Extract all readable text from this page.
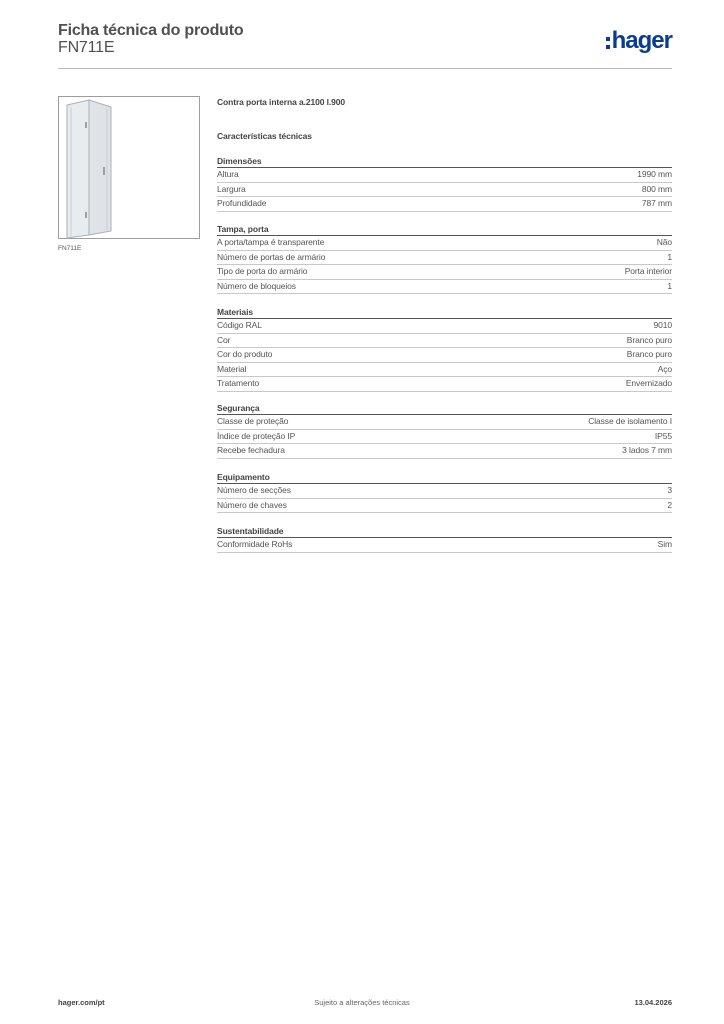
Ficha técnica do produto
FN711E	hager
FN711E
Contra porta interna a.2100 l.900
Características técnicas
Dimensões
Altura	1990 mm
Largura	800 mm
Profundidade	787 mm
Tampa, porta
A porta/tampa é transparente	Não
Número de portas de armário	1
Tipo de porta do armário	Porta interior
Número de bloqueios	1
Materiais
Código RAL	9010
Cor	Branco puro
Cor do produto	Branco puro
Material	Aço
Tratamento	Envernizado
Segurança
Classe de proteção	Classe de isolamento I
Índice de proteção IP	IP55
Recebe fechadura	3 lados 7 mm
Equipamento
Número de secções	3
Número de chaves	2
Sustentabilidade
Conformidade RoHs	Sim
hager.com/pt	Sujeito a alterações técnicas	13.04.2026
